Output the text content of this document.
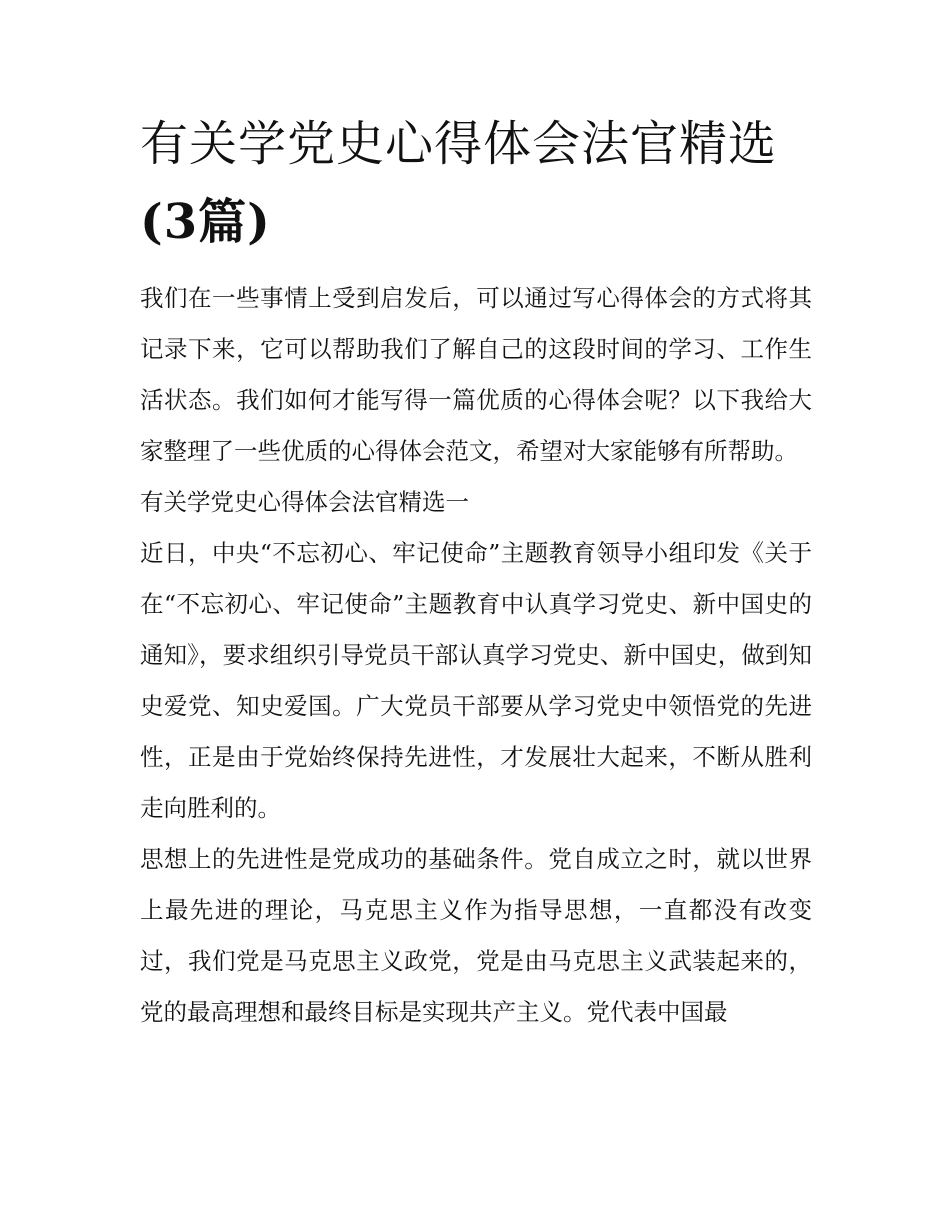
有关学党史心得体会法官精选
(3篇)

我们在一些事情上受到启发后，可以通过写心得体会的方式将其记录下来，它可以帮助我们了解自己的这段时间的学习、工作生活状态。我们如何才能写得一篇优质的心得体会呢？以下我给大家整理了一些优质的心得体会范文，希望对大家能够有所帮助。

有关学党史心得体会法官精选一

近日，中央“不忘初心、牢记使命”主题教育领导小组印发《关于在“不忘初心、牢记使命”主题教育中认真学习党史、新中国史的通知》，要求组织引导党员干部认真学习党史、新中国史，做到知史爱党、知史爱国。广大党员干部要从学习党史中领悟党的先进性，正是由于党始终保持先进性，才发展壮大起来，不断从胜利走向胜利的。

思想上的先进性是党成功的基础条件。党自成立之时，就以世界上最先进的理论，马克思主义作为指导思想，一直都没有改变过，我们党是马克思主义政党，党是由马克思主义武装起来的，党的最高理想和最终目标是实现共产主义。党代表中国最
